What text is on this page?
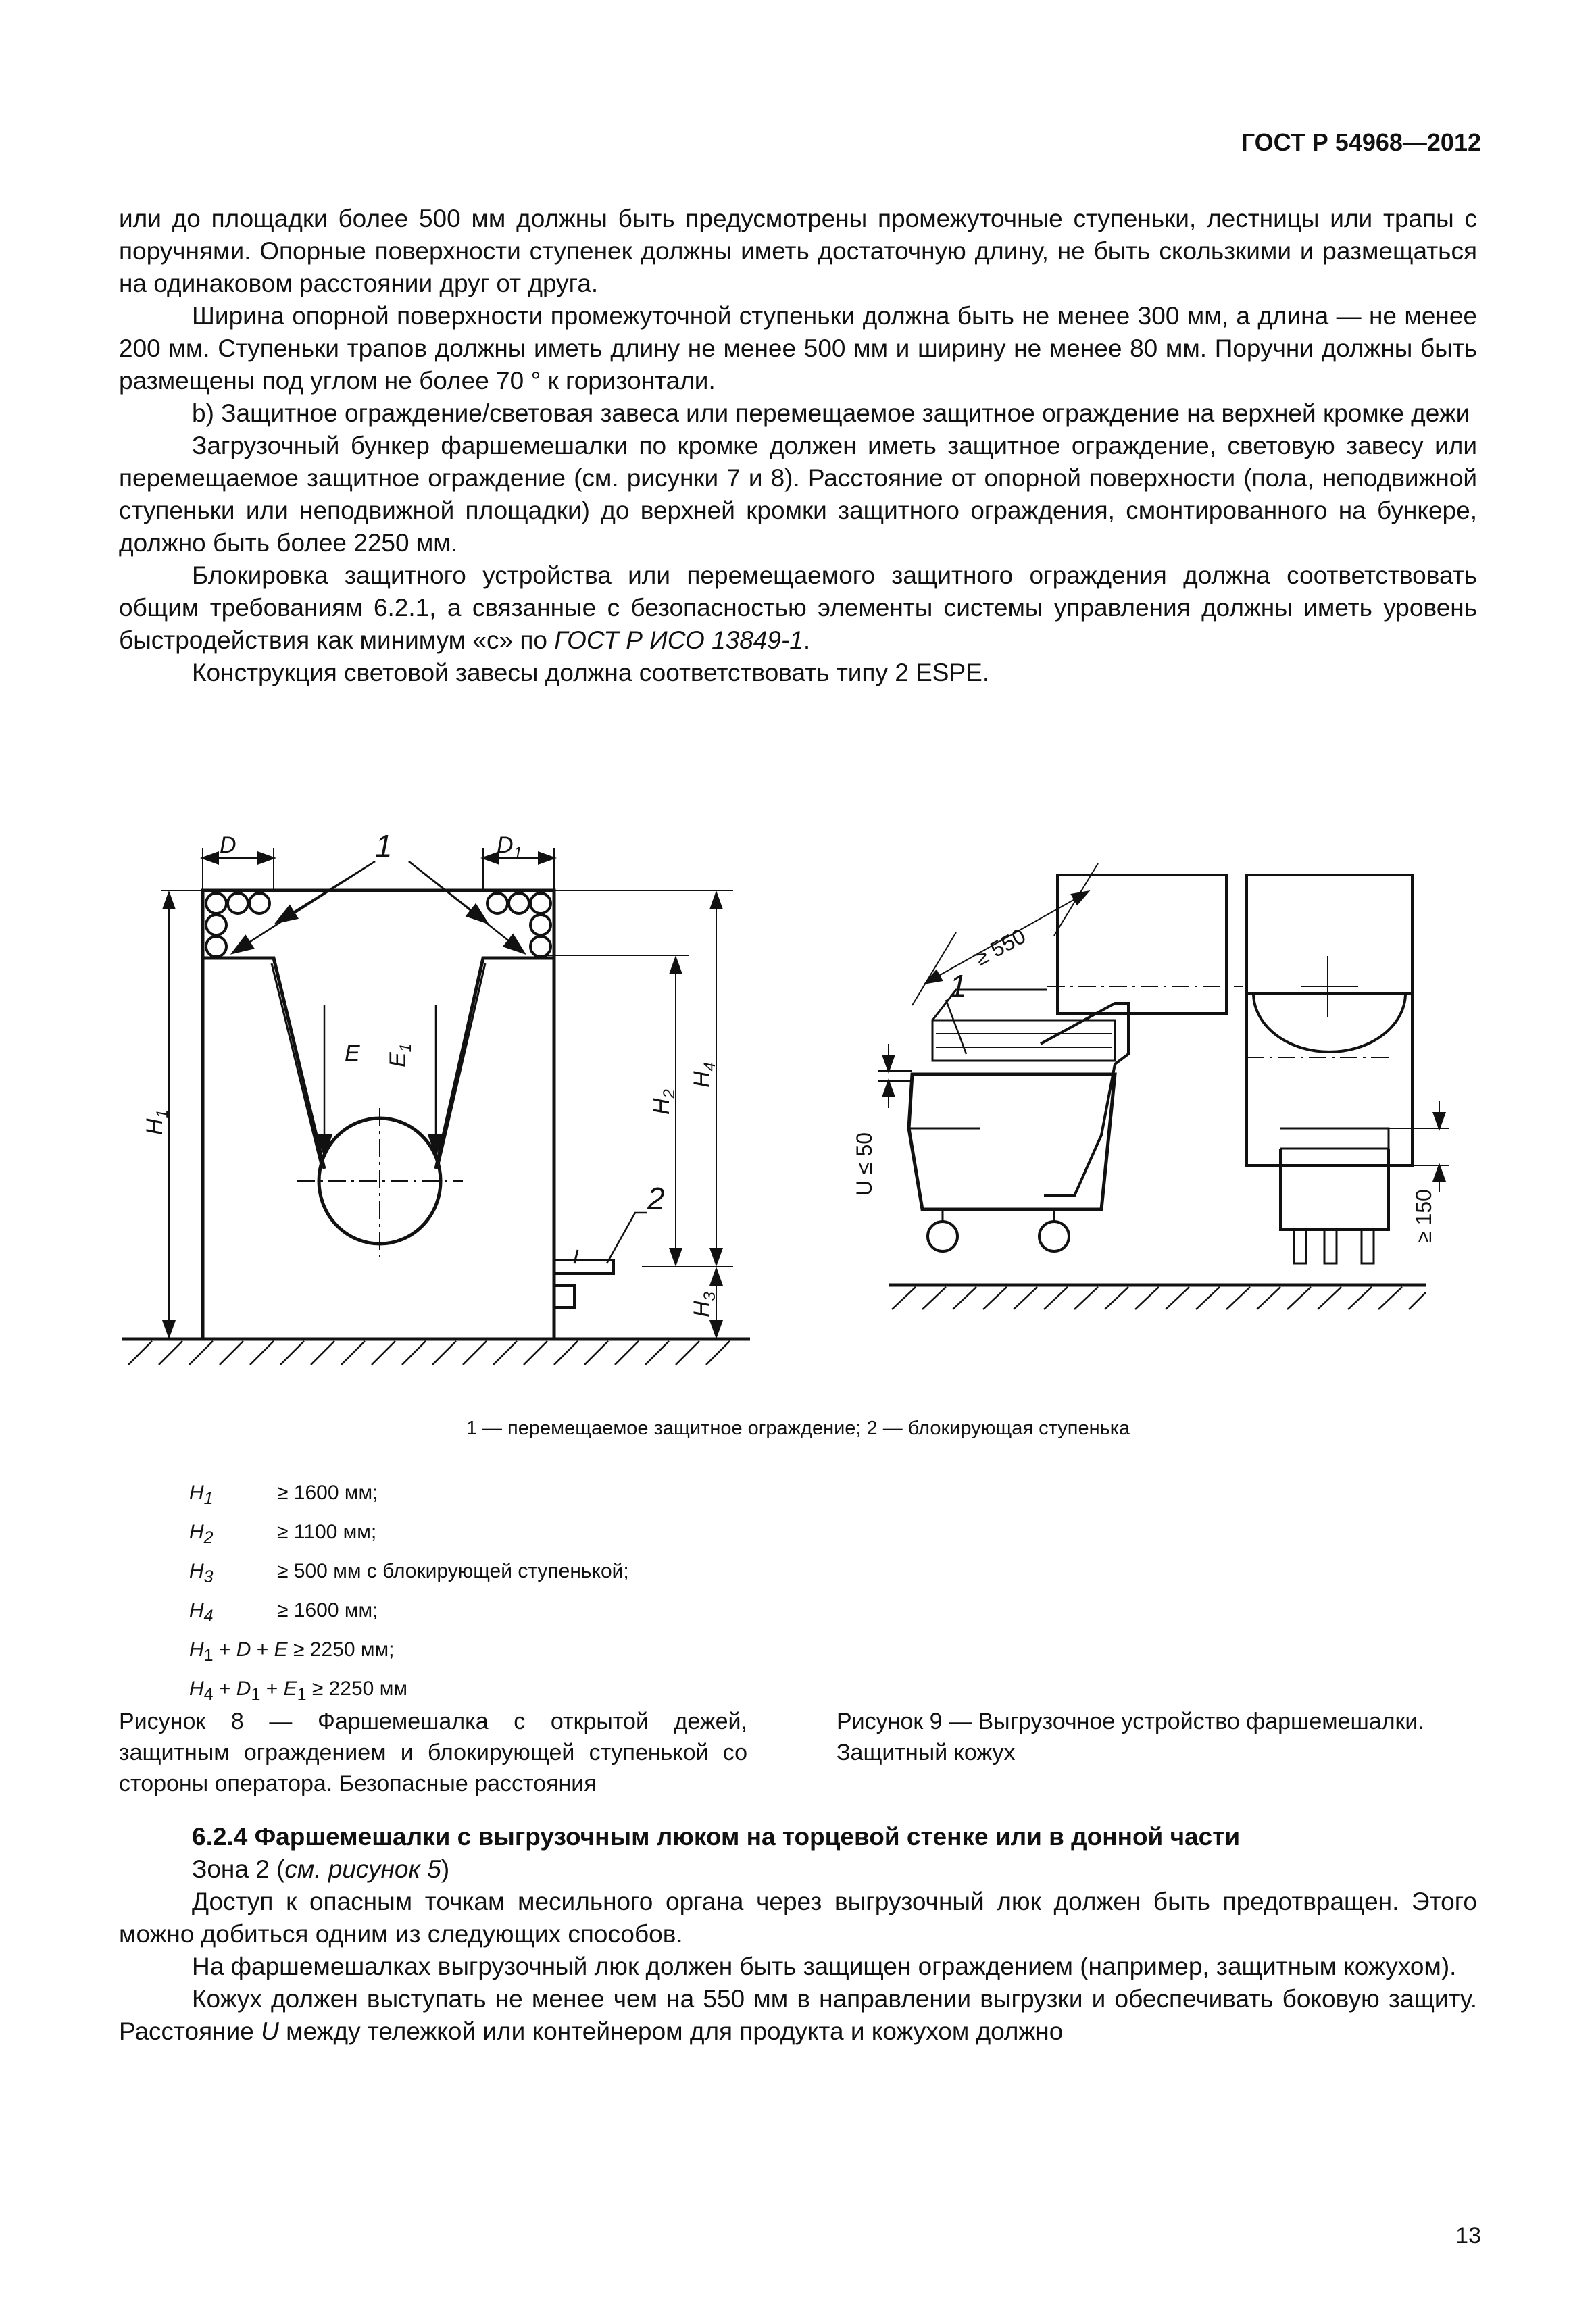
ГОСТ Р 54968—2012

или до площадки более 500 мм должны быть предусмотрены промежуточные ступеньки, лестницы или трапы с поручнями. Опорные поверхности ступенек должны иметь достаточную длину, не быть скользкими и размещаться на одинаковом расстоянии друг от друга.

Ширина опорной поверхности промежуточной ступеньки должна быть не менее 300 мм, а длина — не менее 200 мм. Ступеньки трапов должны иметь длину не менее 500 мм и ширину не менее 80 мм. Поручни должны быть размещены под углом не более 70 ° к горизонтали.

b) Защитное ограждение/световая завеса или перемещаемое защитное ограждение на верхней кромке дежи

Загрузочный бункер фаршемешалки по кромке должен иметь защитное ограждение, световую завесу или перемещаемое защитное ограждение (см. рисунки 7 и 8). Расстояние от опорной поверхности (пола, неподвижной ступеньки или неподвижной площадки) до верхней кромки защитного ограждения, смонтированного на бункере, должно быть более 2250 мм.

Блокировка защитного устройства или перемещаемого защитного ограждения должна соответствовать общим требованиям 6.2.1, а связанные с безопасностью элементы системы управления должны иметь уровень быстродействия как минимум «с» по ГОСТ Р ИСО 13849-1.

Конструкция световой завесы должна соответствовать типу 2 ESPE.

D	$D_1$
1
E $E_1$
2
$H_1$	$H_2$
$H_4$
$H_3$
≥ 550
1
U ≤ 50
≥ 150
1 — перемещаемое защитное ограждение; 2 — блокирующая ступенька
$H_1$	≥ 1600 мм;
$H_2$	≥ 1100 мм;
$H_3$	≥ 500 мм с блокирующей ступенькой;
$H_4$	≥ 1600 мм;
$H_1 + D + E \ge 2250$ мм;
$H_4 + D_1 + E_1 \ge 2250$ мм
Рисунок 8 — Фаршемешалка с открытой дежей, защитным ограждением и блокирующей ступенькой со стороны оператора. Безопасные расстояния
Рисунок 9 — Выгрузочное устройство фаршемешалки. Защитный кожух

6.2.4 Фаршемешалки с выгрузочным люком на торцевой стенке или в донной части

Зона 2 (см. рисунок 5)

Доступ к опасным точкам месильного органа через выгрузочный люк должен быть предотвращен. Этого можно добиться одним из следующих способов.

На фаршемешалках выгрузочный люк должен быть защищен ограждением (например, защитным кожухом).

Кожух должен выступать не менее чем на 550 мм в направлении выгрузки и обеспечивать боковую защиту. Расстояние U между тележкой или контейнером для продукта и кожухом должно

13
